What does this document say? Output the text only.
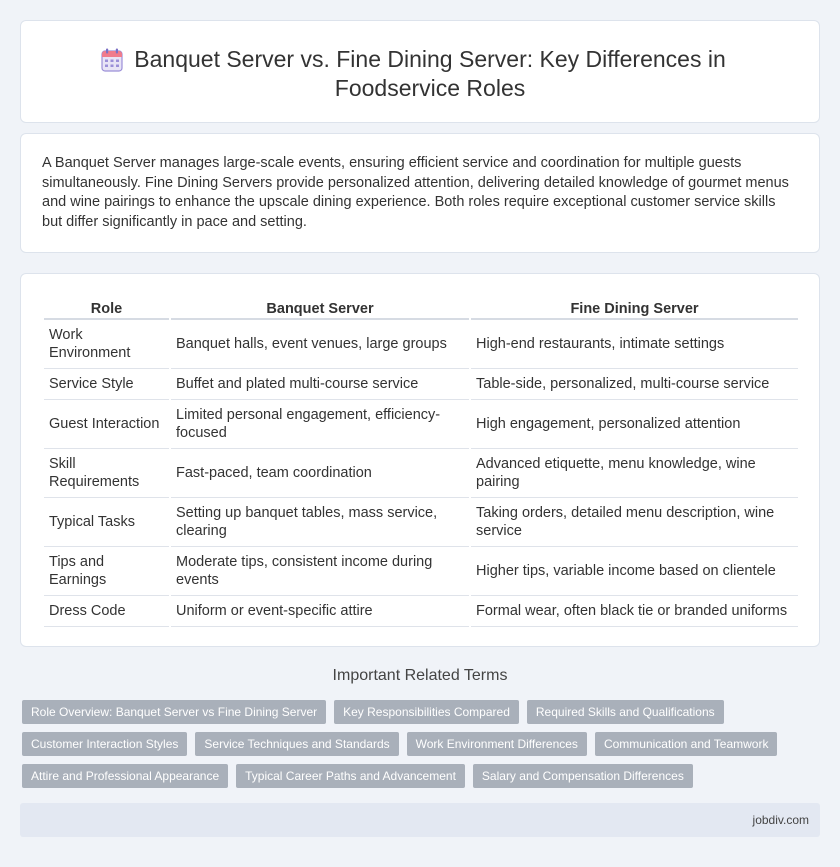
Banquet Server vs. Fine Dining Server: Key Differences in Foodservice Roles

A Banquet Server manages large-scale events, ensuring efficient service and coordination for multiple guests simultaneously. Fine Dining Servers provide personalized attention, delivering detailed knowledge of gourmet menus and wine pairings to enhance the upscale dining experience. Both roles require exceptional customer service skills but differ significantly in pace and setting.

Role	Banquet Server	Fine Dining Server
Work Environment	Banquet halls, event venues, large groups	High-end restaurants, intimate settings
Service Style	Buffet and plated multi-course service	Table-side, personalized, multi-course service
Guest Interaction	Limited personal engagement, efficiency-focused	High engagement, personalized attention
Skill Requirements	Fast-paced, team coordination	Advanced etiquette, menu knowledge, wine pairing
Typical Tasks	Setting up banquet tables, mass service, clearing	Taking orders, detailed menu description, wine service
Tips and Earnings	Moderate tips, consistent income during events	Higher tips, variable income based on clientele
Dress Code	Uniform or event-specific attire	Formal wear, often black tie or branded uniforms
Important Related Terms
Role Overview: Banquet Server vs Fine Dining Server	Key Responsibilities Compared	Required Skills and Qualifications
Customer Interaction Styles	Service Techniques and Standards	Work Environment Differences	Communication and Teamwork
Attire and Professional Appearance	Typical Career Paths and Advancement	Salary and Compensation Differences
jobdiv.com
